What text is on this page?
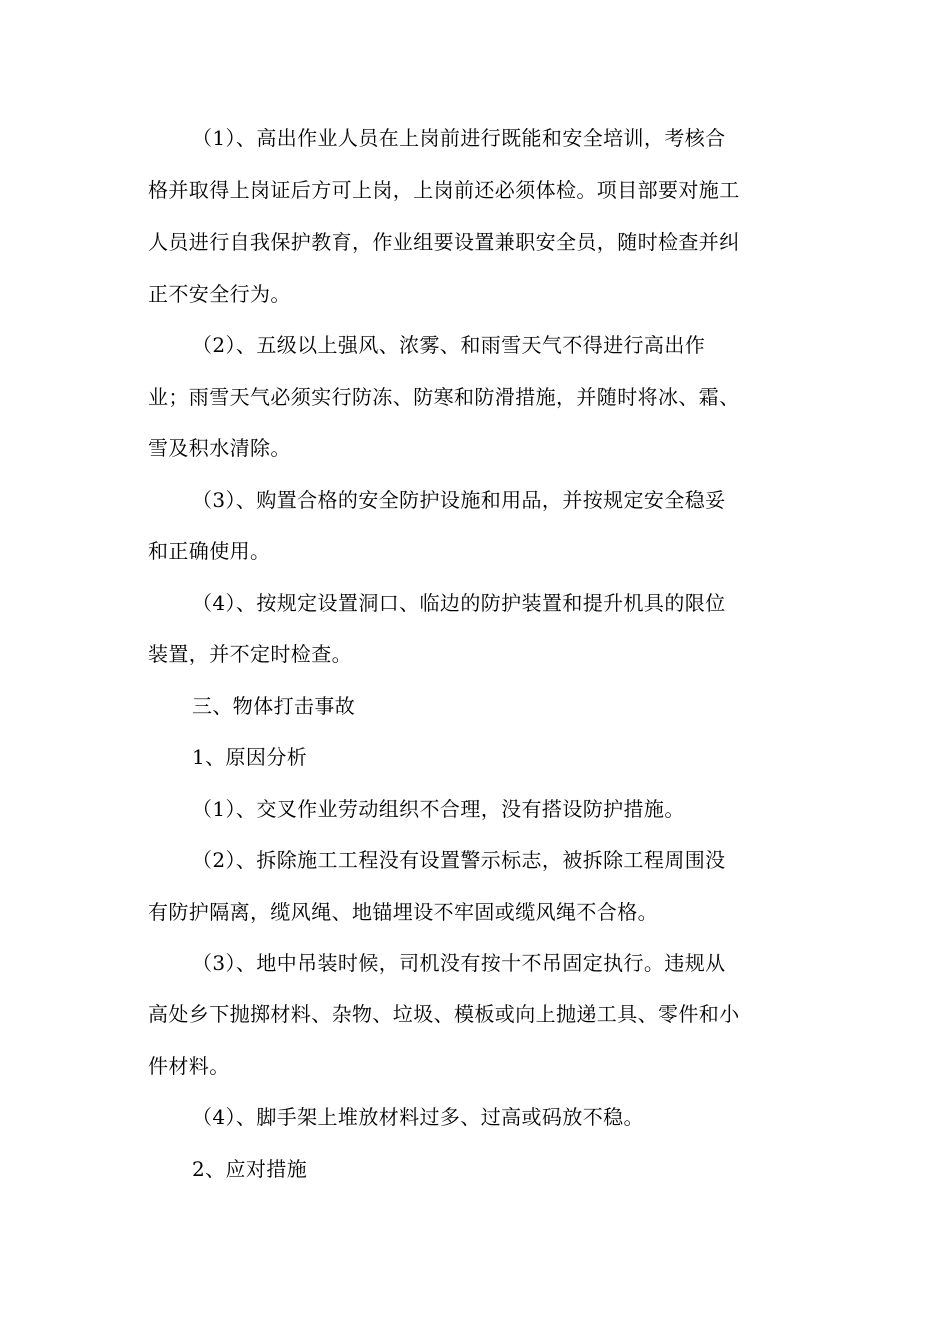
（1）、高出作业人员在上岗前进行既能和安全培训，考核合
格并取得上岗证后方可上岗，上岗前还必须体检。项目部要对施工
人员进行自我保护教育，作业组要设置兼职安全员，随时检查并纠
正不安全行为。
（2）、五级以上强风、浓雾、和雨雪天气不得进行高出作
业；雨雪天气必须实行防冻、防寒和防滑措施，并随时将冰、霜、
雪及积水清除。
（3）、购置合格的安全防护设施和用品，并按规定安全稳妥
和正确使用。
（4）、按规定设置洞口、临边的防护装置和提升机具的限位
装置，并不定时检查。
三、物体打击事故
1、原因分析
（1）、交叉作业劳动组织不合理，没有搭设防护措施。
（2）、拆除施工工程没有设置警示标志，被拆除工程周围没
有防护隔离，缆风绳、地锚埋设不牢固或缆风绳不合格。
（3）、地中吊装时候，司机没有按十不吊固定执行。违规从
高处乡下抛掷材料、杂物、垃圾、模板或向上抛递工具、零件和小
件材料。
（4）、脚手架上堆放材料过多、过高或码放不稳。
2、应对措施
